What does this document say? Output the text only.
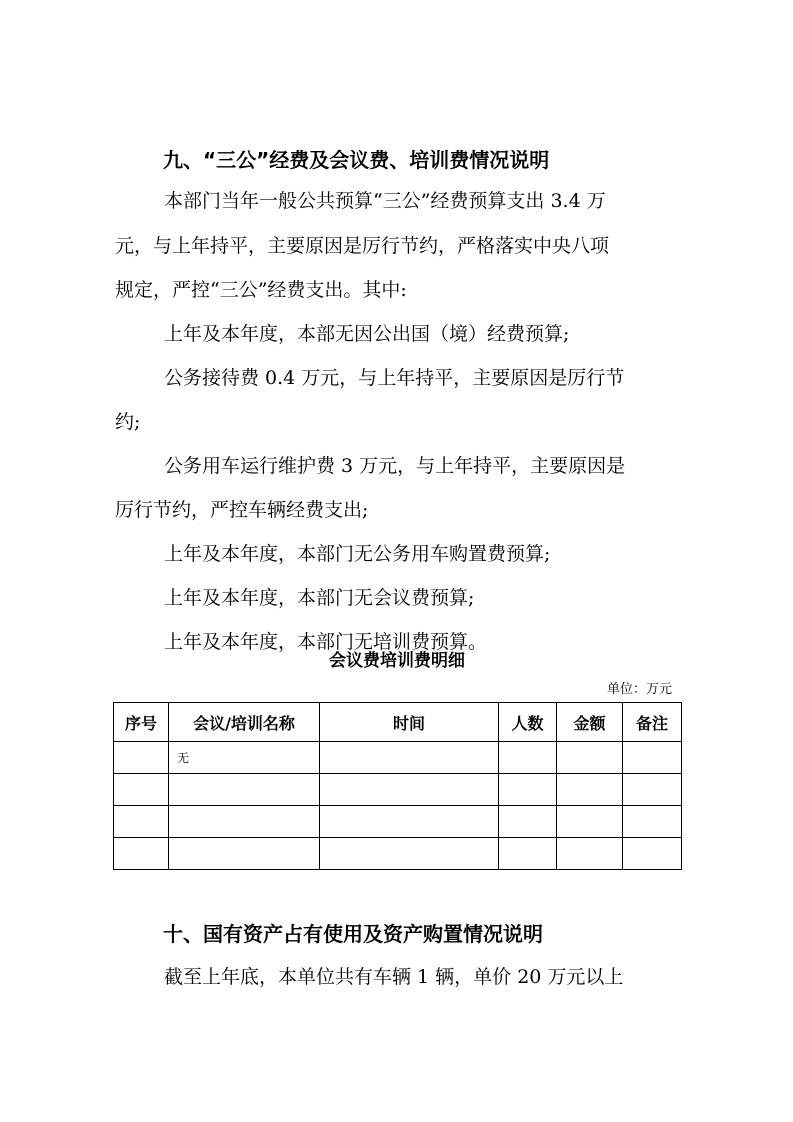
九、“三公”经费及会议费、培训费情况说明
本部门当年一般公共预算“三公”经费预算支出 3.4 万
元，与上年持平，主要原因是厉行节约，严格落实中央八项
规定，严控“三公”经费支出。其中:
上年及本年度，本部无因公出国（境）经费预算;
公务接待费 0.4 万元，与上年持平，主要原因是厉行节
约;
公务用车运行维护费 3 万元，与上年持平，主要原因是
厉行节约，严控车辆经费支出;
上年及本年度，本部门无公务用车购置费预算;
上年及本年度，本部门无会议费预算;
上年及本年度，本部门无培训费预算。
会议费培训费明细
单位：万元
序号	会议/培训名称	时间	人数	金额	备注
	无				

十、国有资产占有使用及资产购置情况说明
截至上年底，本单位共有车辆 1 辆，单价 20 万元以上
